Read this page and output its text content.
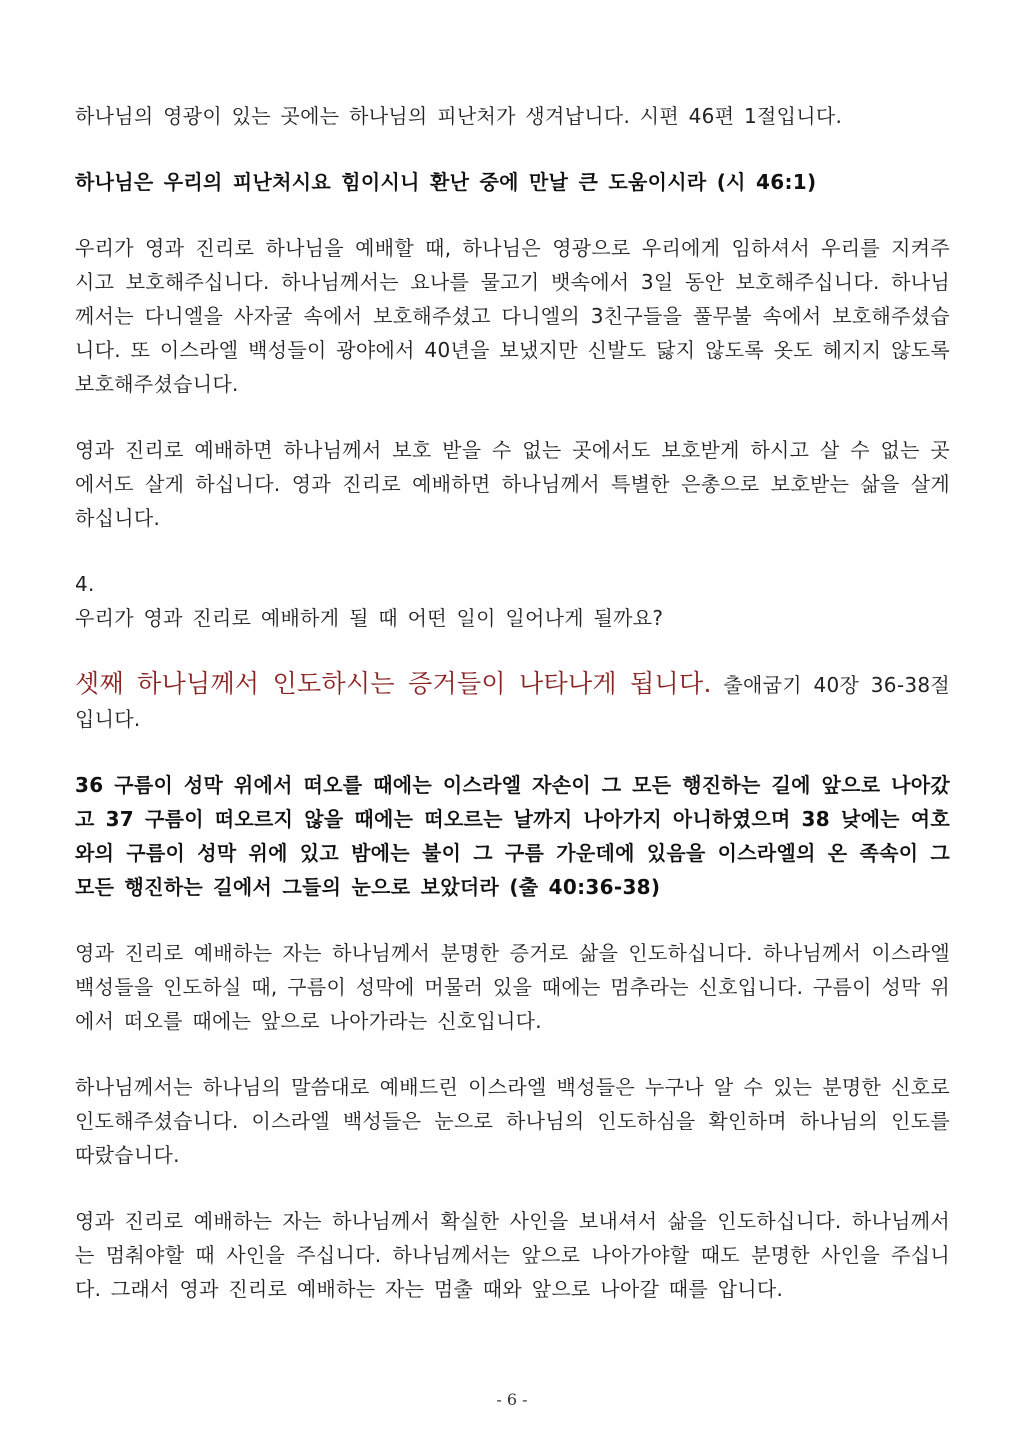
하나님의 영광이 있는 곳에는 하나님의 피난처가 생겨납니다. 시편 46편 1절입니다.

하나님은 우리의 피난처시요 힘이시니 환난 중에 만날 큰 도움이시라 (시 46:1)

우리가 영과 진리로 하나님을 예배할 때, 하나님은 영광으로 우리에게 임하셔서 우리를 지켜주시고 보호해주십니다. 하나님께서는 요나를 물고기 뱃속에서 3일 동안 보호해주십니다. 하나님께서는 다니엘을 사자굴 속에서 보호해주셨고 다니엘의 3친구들을 풀무불 속에서 보호해주셨습니다. 또 이스라엘 백성들이 광야에서 40년을 보냈지만 신발도 닳지 않도록 옷도 헤지지 않도록 보호해주셨습니다.

영과 진리로 예배하면 하나님께서 보호 받을 수 없는 곳에서도 보호받게 하시고 살 수 없는 곳에서도 살게 하십니다. 영과 진리로 예배하면 하나님께서 특별한 은총으로 보호받는 삶을 살게 하십니다.

4.

우리가 영과 진리로 예배하게 될 때 어떤 일이 일어나게 될까요?

셋째 하나님께서 인도하시는 증거들이 나타나게 됩니다. 출애굽기 40장 36-38절입니다.

36 구름이 성막 위에서 떠오를 때에는 이스라엘 자손이 그 모든 행진하는 길에 앞으로 나아갔고 37 구름이 떠오르지 않을 때에는 떠오르는 날까지 나아가지 아니하였으며 38 낮에는 여호와의 구름이 성막 위에 있고 밤에는 불이 그 구름 가운데에 있음을 이스라엘의 온 족속이 그 모든 행진하는 길에서 그들의 눈으로 보았더라 (출 40:36-38)

영과 진리로 예배하는 자는 하나님께서 분명한 증거로 삶을 인도하십니다. 하나님께서 이스라엘 백성들을 인도하실 때, 구름이 성막에 머물러 있을 때에는 멈추라는 신호입니다. 구름이 성막 위에서 떠오를 때에는 앞으로 나아가라는 신호입니다.

하나님께서는 하나님의 말씀대로 예배드린 이스라엘 백성들은 누구나 알 수 있는 분명한 신호로 인도해주셨습니다. 이스라엘 백성들은 눈으로 하나님의 인도하심을 확인하며 하나님의 인도를 따랐습니다.

영과 진리로 예배하는 자는 하나님께서 확실한 사인을 보내셔서 삶을 인도하십니다. 하나님께서는 멈춰야할 때 사인을 주십니다. 하나님께서는 앞으로 나아가야할 때도 분명한 사인을 주십니다. 그래서 영과 진리로 예배하는 자는 멈출 때와 앞으로 나아갈 때를 압니다.

- 6 -
